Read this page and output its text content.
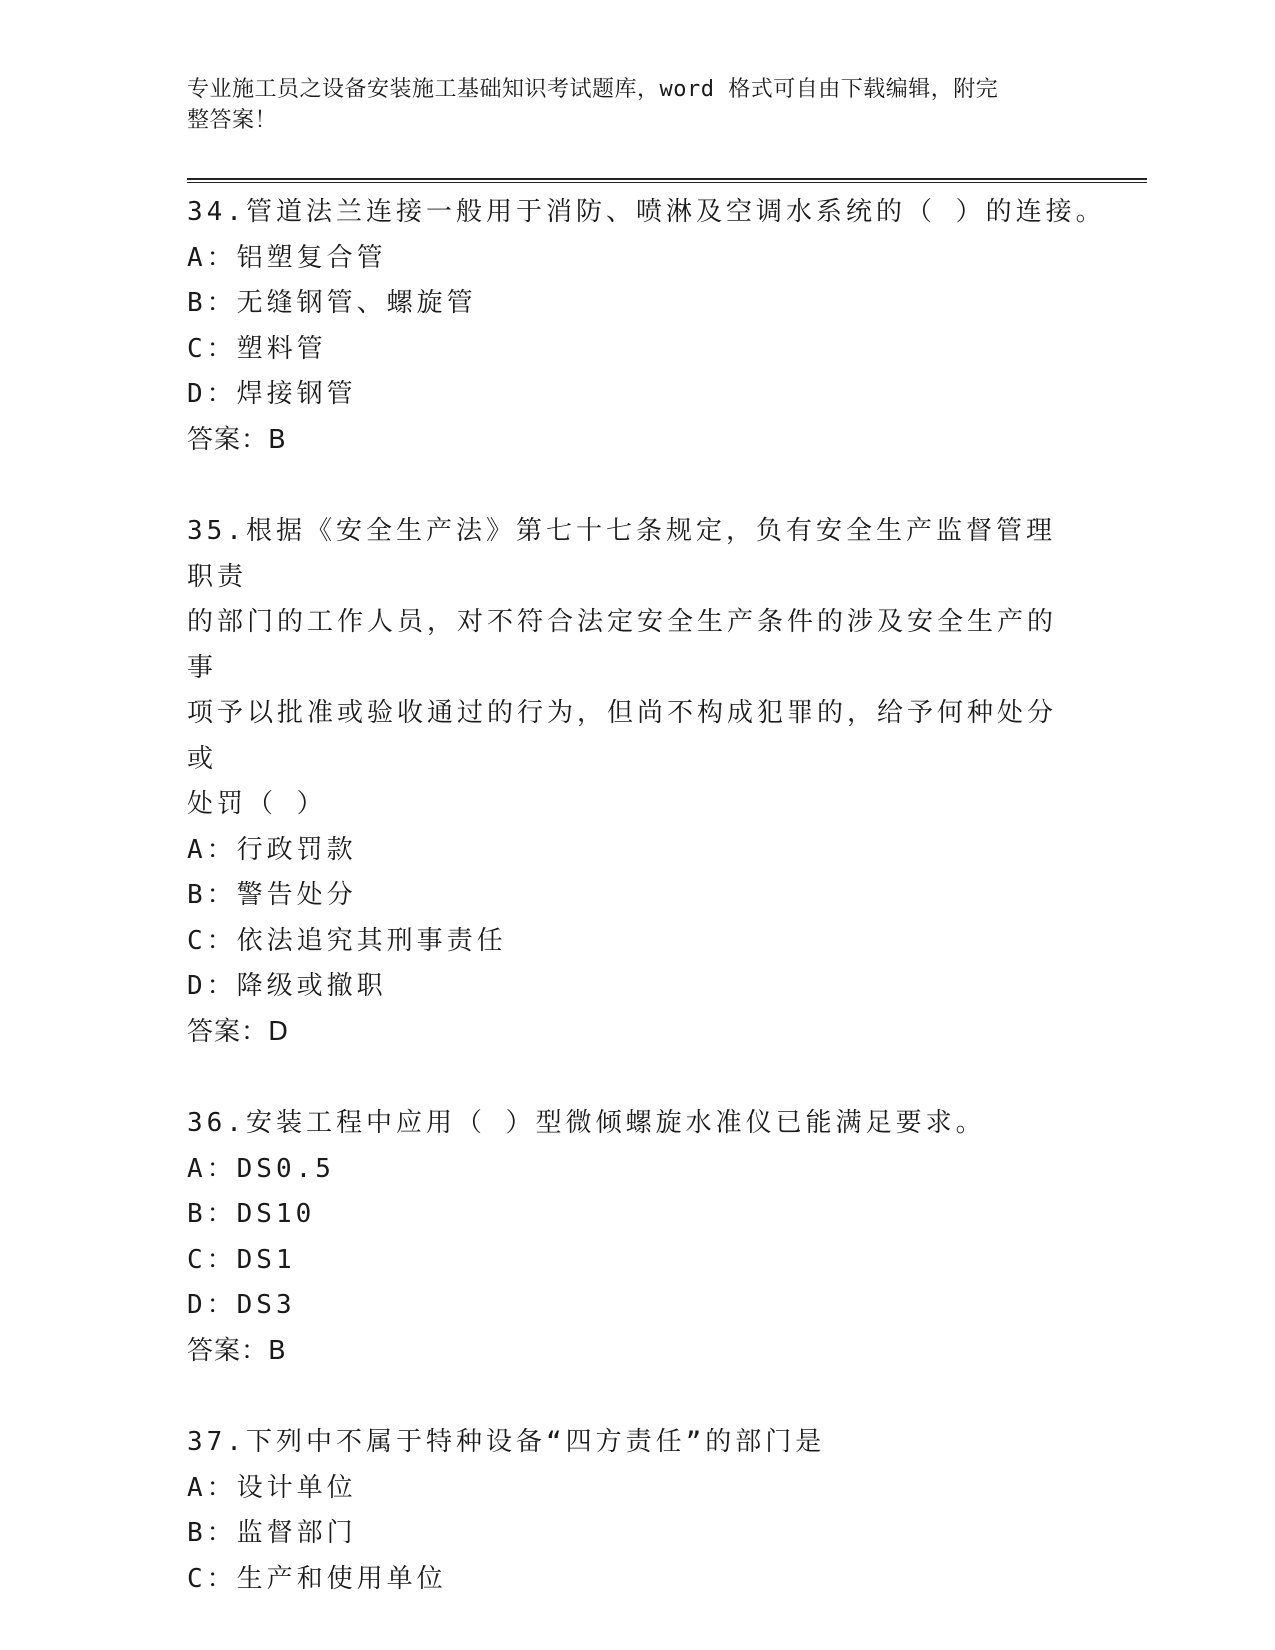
专业施工员之设备安装施工基础知识考试题库，word 格式可自由下载编辑，附完
整答案！
34.管道法兰连接一般用于消防、喷淋及空调水系统的（ ）的连接。
A：铝塑复合管
B：无缝钢管、螺旋管
C：塑料管
D：焊接钢管
答案：B
35.根据《安全生产法》第七十七条规定，负有安全生产监督管理职责
的部门的工作人员，对不符合法定安全生产条件的涉及安全生产的事
项予以批准或验收通过的行为，但尚不构成犯罪的，给予何种处分或
处罚（ ）
A：行政罚款
B：警告处分
C：依法追究其刑事责任
D：降级或撤职
答案：D
36.安装工程中应用（ ）型微倾螺旋水准仪已能满足要求。
A：DS0.5
B：DS10
C：DS1
D：DS3
答案：B
37.下列中不属于特种设备“四方责任”的部门是
A：设计单位
B：监督部门
C：生产和使用单位
